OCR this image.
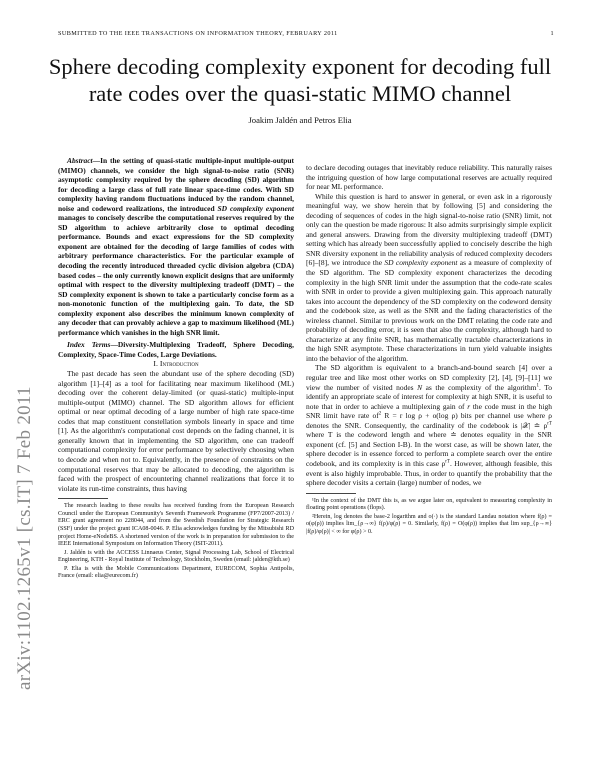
SUBMITTED TO THE IEEE TRANSACTIONS ON INFORMATION THEORY, FEBRUARY 2011	1
Sphere decoding complexity exponent for decoding full rate codes over the quasi-static MIMO channel
Joakim Jaldén and Petros Elia
arXiv:1102.1265v1 [cs.IT] 7 Feb 2011

Abstract—In the setting of quasi-static multiple-input multiple-output (MIMO) channels, we consider the high signal-to-noise ratio (SNR) asymptotic complexity required by the sphere decoding (SD) algorithm for decoding a large class of full rate linear space-time codes. With SD complexity having random fluctuations induced by the random channel, noise and codeword realizations, the introduced SD complexity exponent manages to concisely describe the computational reserves required by the SD algorithm to achieve arbitrarily close to optimal decoding performance. Bounds and exact expressions for the SD complexity exponent are obtained for the decoding of large families of codes with arbitrary performance characteristics. For the particular example of decoding the recently introduced threaded cyclic division algebra (CDA) based codes – the only currently known explicit designs that are uniformly optimal with respect to the diversity multiplexing tradeoff (DMT) – the SD complexity exponent is shown to take a particularly concise form as a non-monotonic function of the multiplexing gain. To date, the SD complexity exponent also describes the minimum known complexity of any decoder that can provably achieve a gap to maximum likelihood (ML) performance which vanishes in the high SNR limit.

Index Terms—Diversity-Multiplexing Tradeoff, Sphere Decoding, Complexity, Space-Time Codes, Large Deviations.

I. Introduction

The past decade has seen the abundant use of the sphere decoding (SD) algorithm [1]–[4] as a tool for facilitating near maximum likelihood (ML) decoding over the coherent delay-limited (or quasi-static) multiple-input multiple-output (MIMO) channel. The SD algorithm allows for efficient optimal or near optimal decoding of a large number of high rate space-time codes that map constituent constellation symbols linearly in space and time [1]. As the algorithm's computational cost depends on the fading channel, it is generally known that in implementing the SD algorithm, one can tradeoff computational complexity for error performance by selectively choosing when to decode and when not to. Equivalently, in the presence of constraints on the computational reserves that may be allocated to decoding, the algorithm is faced with the prospect of encountering channel realizations that force it to violate its run-time constraints, thus having

The research leading to these results has received funding from the European Research Council under the European Community's Seventh Framework Programme (FP7/2007-2013) / ERC grant agreement no 228044, and from the Swedish Foundation for Strategic Research (SSF) under the project grant ICA08-0046. P. Elia acknowledges funding by the Mitsubishi RD project Home-eNodeBS. A shortened version of the work is in preparation for submission to the IEEE International Symposium on Information Theory (ISIT-2011).

J. Jaldén is with the ACCESS Linnaeus Center, Signal Processing Lab, School of Electrical Engineering, KTH - Royal Institute of Technology, Stockholm, Sweden (email: jalden@kth.se)

P. Elia is with the Mobile Communications Department, EURECOM, Sophia Antipolis, France (email: elia@eurecom.fr)

to declare decoding outages that inevitably reduce reliability. This naturally raises the intriguing question of how large computational reserves are actually required for near ML performance.

While this question is hard to answer in general, or even ask in a rigorously meaningful way, we show herein that by following [5] and considering the decoding of sequences of codes in the high signal-to-noise ratio (SNR) limit, not only can the question be made rigorous: It also admits surprisingly simple explicit and general answers. Drawing from the diversity multiplexing tradeoff (DMT) setting which has already been successfully applied to concisely describe the high SNR diversity exponent in the reliability analysis of reduced complexity decoders [6]–[8], we introduce the SD complexity exponent as a measure of complexity of the SD algorithm. The SD complexity exponent characterizes the decoding complexity in the high SNR limit under the assumption that the code-rate scales with SNR in order to provide a given multiplexing gain. This approach naturally takes into account the dependency of the SD complexity on the codeword density and the codebook size, as well as the SNR and the fading characteristics of the wireless channel. Similar to previous work on the DMT relating the code rate and probability of decoding error, it is seen that also the complexity, although hard to characterize at any finite SNR, has mathematically tractable characterizations in the high SNR asymptote. These characterizations in turn yield valuable insights into the behavior of the algorithm.

The SD algorithm is equivalent to a branch-and-bound search [4] over a regular tree and like most other works on SD complexity [2], [4], [9]–[11] we view the number of visited nodes N as the complexity of the algorithm$^1$. To identify an appropriate scale of interest for complexity at high SNR, it is useful to note that in order to achieve a multiplexing gain of r the code must in the high SNR limit have rate $of^2$ R = r log ρ + o(log ρ) bits per channel use where ρ denotes the SNR. Consequently, the cardinality of the codebook is |𝒳| ≐ $\rho^{rT}$ where T is the codeword length and where ≐ denotes equality in the SNR exponent (cf. [5] and Section I-B). In the worst case, as will be shown later, the sphere decoder is in essence forced to perform a complete search over the entire codebook, and its complexity is in this case $\rho^{rT}$. However, although feasible, this event is also highly improbable. Thus, in order to quantify the probability that the sphere decoder visits a certain (large) number of nodes, we

¹In the context of the DMT this is, as we argue later on, equivalent to measuring complexity in floating point operations (flops).

²Herein, log denotes the base-2 logarithm and o(·) is the standard Landau notation where f(ρ) = o(φ(ρ)) implies lim_{ρ→∞} f(ρ)/φ(ρ) = 0. Similarly, f(ρ) = O(φ(ρ)) implies that lim sup_{ρ→∞} |f(ρ)/φ(ρ)| < ∞ for φ(ρ) > 0.
